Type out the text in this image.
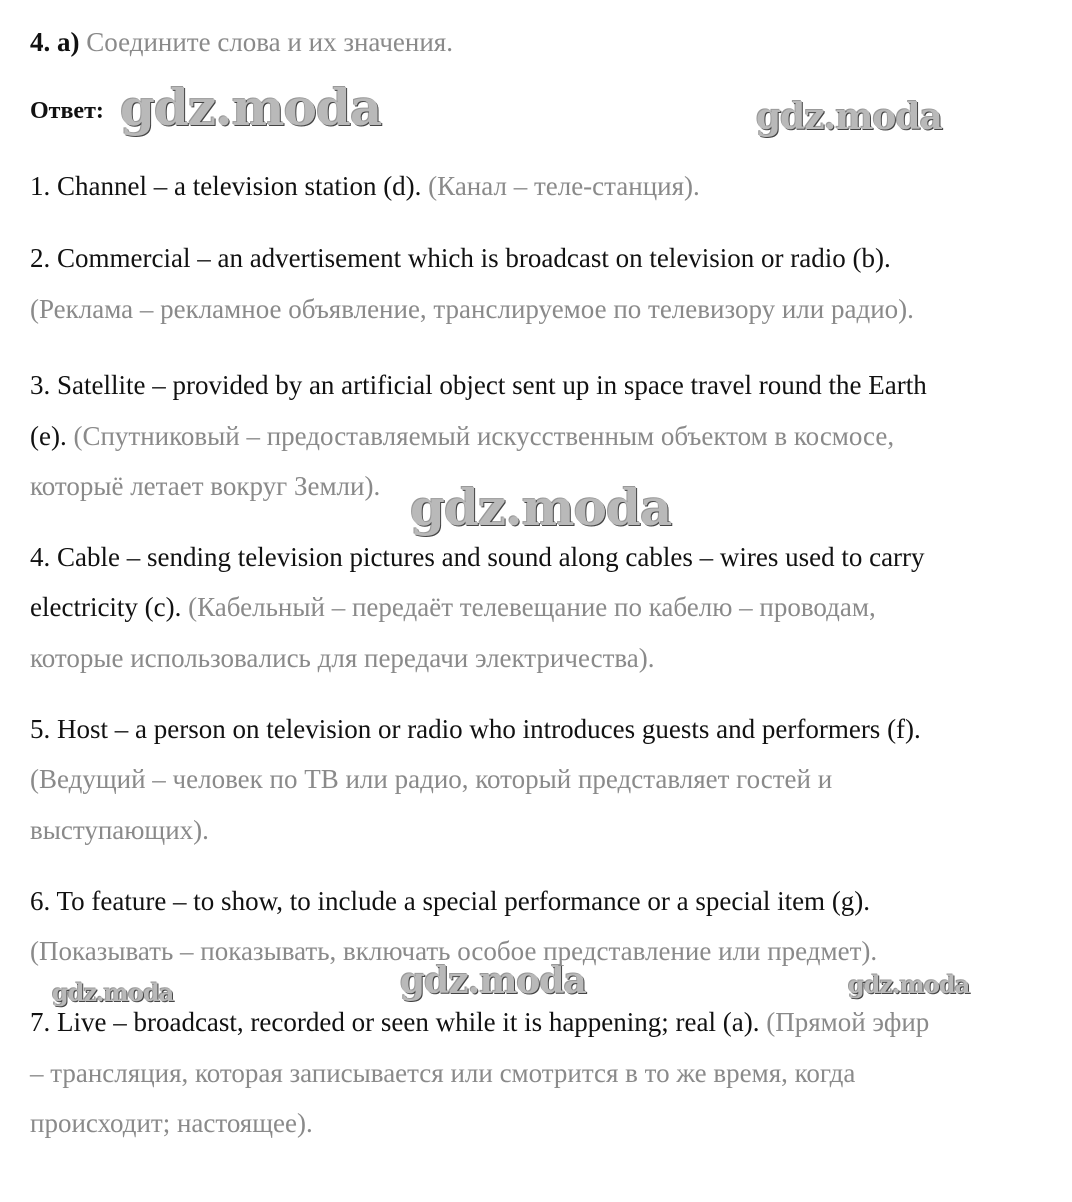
4. а) Соедините слова и их значения.
Ответ: gdz.moda	gdz.moda
gdz.moda
gdz.moda	gdz.moda	gdz.moda
1. Channel – a television station (d). (Канал – теле-станция).
2. Commercial – an advertisement which is broadcast on television or radio (b).
(Реклама – рекламное объявление, транслируемое по телевизору или радио).
3. Satellite – provided by an artificial object sent up in space travel round the Earth
(e). (Спутниковый – предоставляемый искусственным объектом в космосе,
которыё летает вокруг Земли).
4. Cable – sending television pictures and sound along cables – wires used to carry
electricity (c). (Кабельный – передаёт телевещание по кабелю – проводам,
которые использовались для передачи электричества).
5. Host – a person on television or radio who introduces guests and performers (f).
(Ведущий – человек по ТВ или радио, который представляет гостей и
выступающих).
6. To feature – to show, to include a special performance or a special item (g).
(Показывать – показывать, включать особое представление или предмет).
7. Live – broadcast, recorded or seen while it is happening; real (a). (Прямой эфир
– трансляция, которая записывается или смотрится в то же время, когда
происходит; настоящее).
